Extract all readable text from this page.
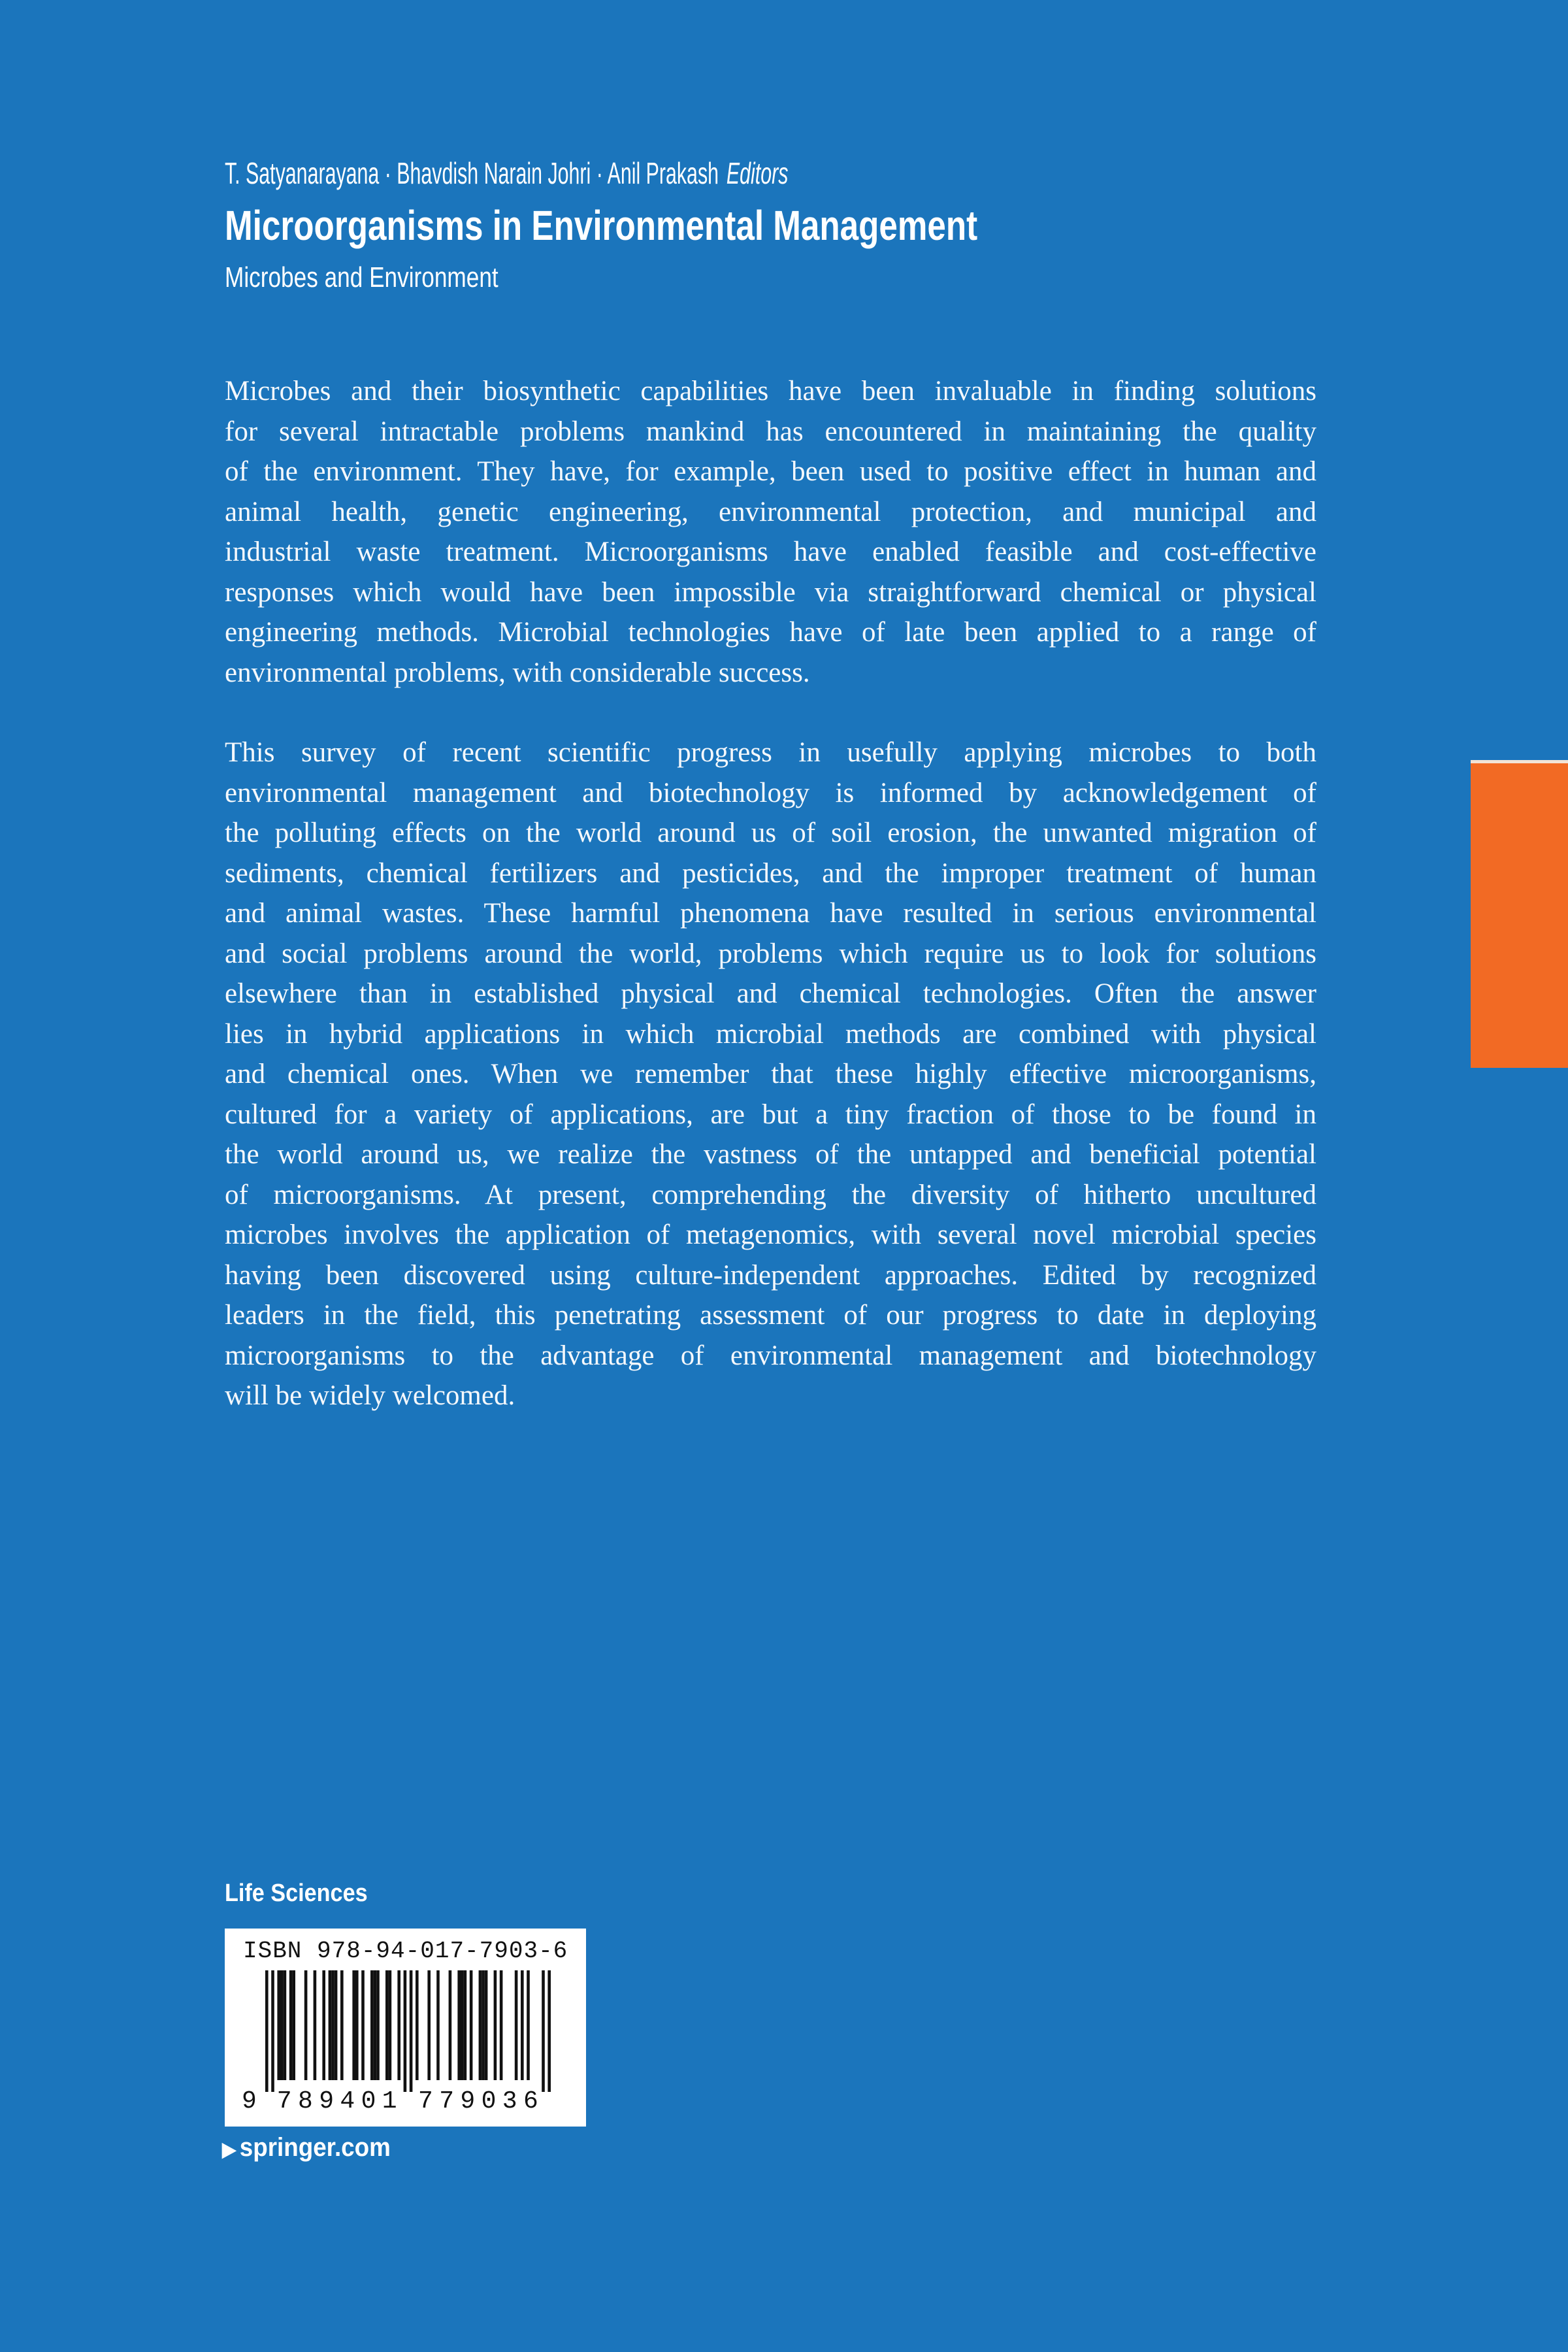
T. Satyanarayana · Bhavdish Narain Johri · Anil Prakash Editors
Microorganisms in Environmental Management
Microbes and Environment
Microbes and their biosynthetic capabilities have been invaluable in finding solutions
for several intractable problems mankind has encountered in maintaining the quality
of the environment. They have, for example, been used to positive effect in human and
animal health, genetic engineering, environmental protection, and municipal and
industrial waste treatment. Microorganisms have enabled feasible and cost-effective
responses which would have been impossible via straightforward chemical or physical
engineering methods. Microbial technologies have of late been applied to a range of
environmental problems, with considerable success.
This survey of recent scientific progress in usefully applying microbes to both
environmental management and biotechnology is informed by acknowledgement of
the polluting effects on the world around us of soil erosion, the unwanted migration of
sediments, chemical fertilizers and pesticides, and the improper treatment of human
and animal wastes. These harmful phenomena have resulted in serious environmental
and social problems around the world, problems which require us to look for solutions
elsewhere than in established physical and chemical technologies. Often the answer
lies in hybrid applications in which microbial methods are combined with physical
and chemical ones. When we remember that these highly effective microorganisms,
cultured for a variety of applications, are but a tiny fraction of those to be found in
the world around us, we realize the vastness of the untapped and beneficial potential
of microorganisms. At present, comprehending the diversity of hitherto uncultured
microbes involves the application of metagenomics, with several novel microbial species
having been discovered using culture-independent approaches. Edited by recognized
leaders in the field, this penetrating assessment of our progress to date in deploying
microorganisms to the advantage of environmental management and biotechnology
will be widely welcomed.
Life Sciences
ISBN 978-94-017-7903-6
9 7 8 9 4 0 1 7 7 9 0 3 6
▶ springer.com
